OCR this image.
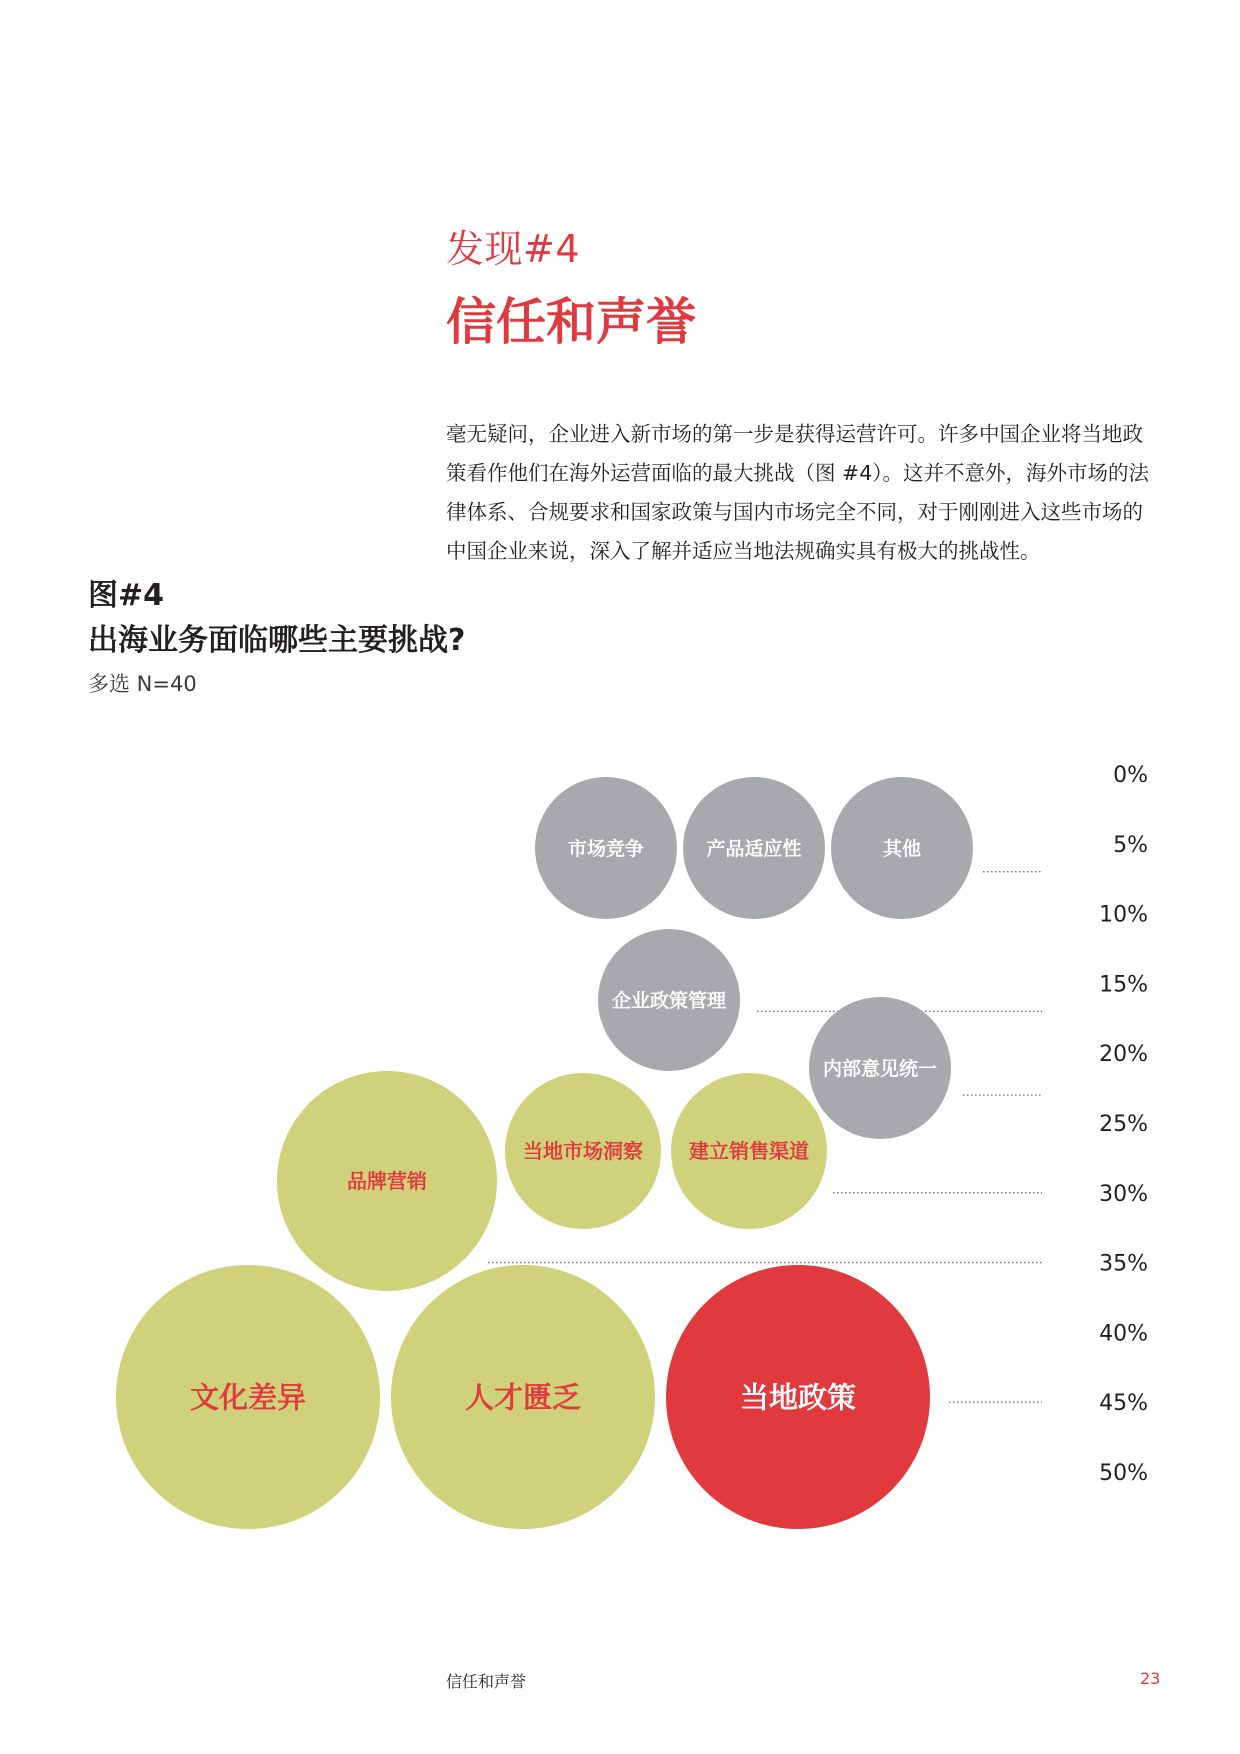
发现#4
信任和声誉

毫无疑问，企业进入新市场的第一步是获得运营许可。许多中国企业将当地政

策看作他们在海外运营面临的最大挑战（图 #4）。这并不意外，海外市场的法

律体系、合规要求和国家政策与国内市场完全不同，对于刚刚进入这些市场的

中国企业来说，深入了解并适应当地法规确实具有极大的挑战性。

图#4
出海业务面临哪些主要挑战?
多选 N=40
0%
5%
10%
15%
20%
25%
30%
35%
40%
45%
50%
市场竞争	产品适应性	其他
企业政策管理
内部意见统一
品牌营销
当地市场洞察 建立销售渠道
文化差异	人才匮乏	当地政策
信任和声誉	23
